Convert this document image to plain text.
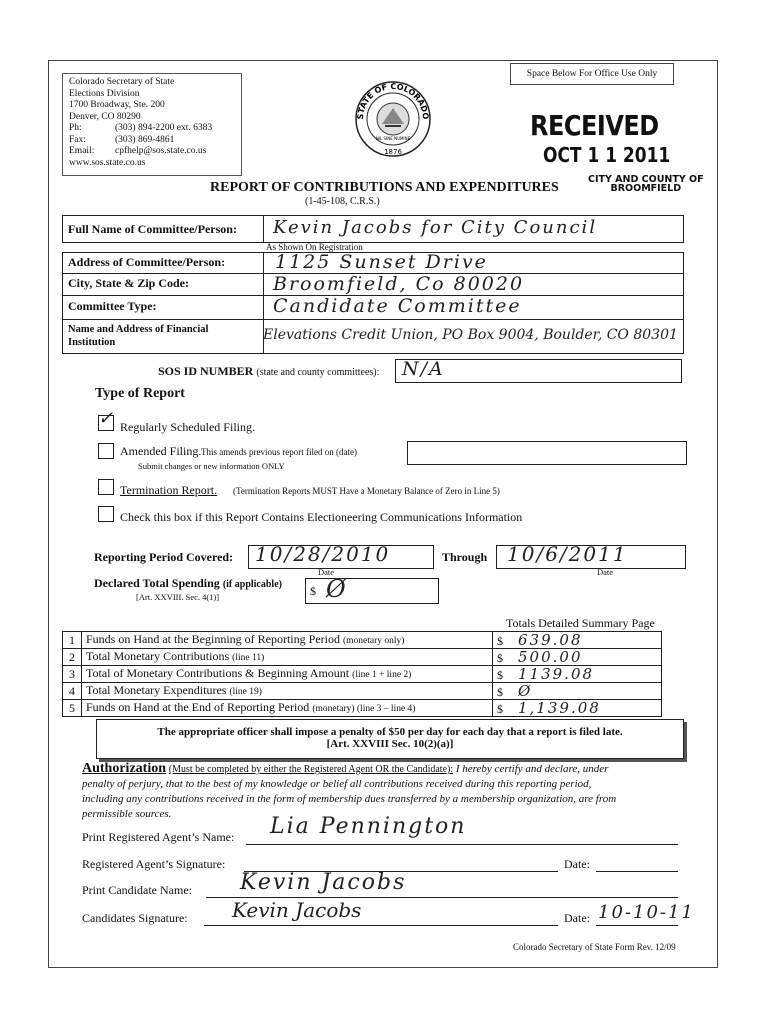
Space Below For Office Use Only
Colorado Secretary of State
Elections Division
1700 Broadway, Ste. 200
Denver, CO 80290
Ph:	(303) 894-2200 ext. 6383
Fax:	(303) 869-4861
Email:	cpfhelp@sos.state.co.us
www.sos.state.co.us
STATE OF COLORADO
1876
NIL SINE NUMINE	RECEIVED
OCT 1 1 2011
CITY AND COUNTY OF
BROOMFIELD
REPORT OF CONTRIBUTIONS AND EXPENDITURES
(1-45-108, C.R.S.)
Full Name of Committee/Person: Kevin Jacobs for City Council
As Shown On Registration
Address of Committee/Person:	1125 Sunset Drive
City, State & Zip Code:	Broomfield, Co 80020
Committee Type:	Candidate Committee
Name and Address of Financial
Institution	Elevations Credit Union, PO Box 9004, Boulder, CO 80301
SOS ID NUMBER (state and county committees): N/A
Type of Report
✓ Regularly Scheduled Filing.
Amended Filing. This amends previous report filed on (date)
Submit changes or new information ONLY
Termination Report. (Termination Reports MUST Have a Monetary Balance of Zero in Line 5)
Check this box if this Report Contains Electioneering Communications Information
Reporting Period Covered: 10/28/2010
Date
Through 10/6/2011
Date
Declared Total Spending (if applicable)
[Art. XXVIII. Sec. 4(1)]	$ Ø
Totals Detailed Summary Page
1	Funds on Hand at the Beginning of Reporting Period (monetary only)	$ 639.08
2	Total Monetary Contributions (line 11)	$ 500.00
3	Total of Monetary Contributions & Beginning Amount (line 1 + line 2)	$ 1139.08
4	Total Monetary Expenditures (line 19)	$ Ø
5	Funds on Hand at the End of Reporting Period (monetary) (line 3 – line 4)	$ 1,139.08
The appropriate officer shall impose a penalty of $50 per day for each day that a report is filed late.
[Art. XXVIII Sec. 10(2)(a)]
Authorization (Must be completed by either the Registered Agent OR the Candidate): I hereby certify and declare, under
penalty of perjury, that to the best of my knowledge or belief all contributions received during this reporting period,
including any contributions received in the form of membership dues transferred by a membership organization, are from
permissible sources.
Print Registered Agent’s Name: Lia Pennington
Registered Agent’s Signature:	Date:
Print Candidate Name: Kevin Jacobs
Candidates Signature: Kevin Jacobs	Date: 10-10-11
Colorado Secretary of State Form Rev. 12/09
